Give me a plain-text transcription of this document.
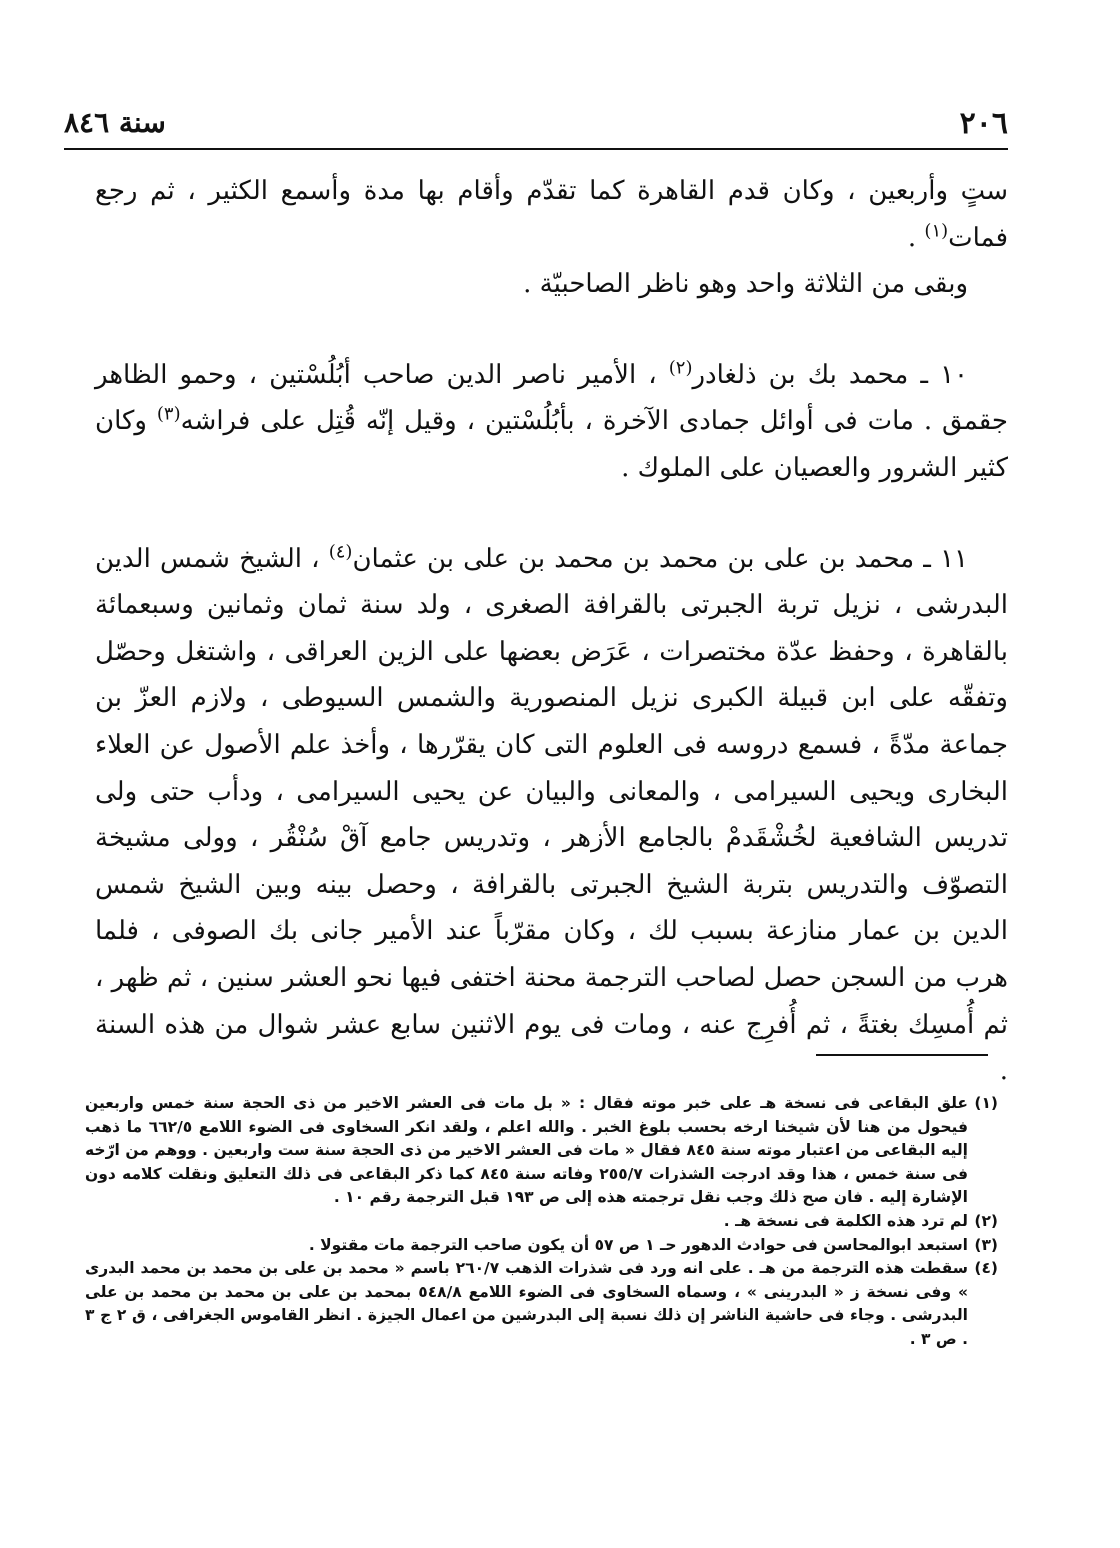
٢٠٦
سنة ٨٤٦

ستٍ وأربعين ، وكان قدم القاهرة كما تقدّم وأقام بها مدة وأسمع الكثير ، ثم رجع فمات$^{(١)}$ .

وبقى من الثلاثة واحد وهو ناظر الصاحبيّة .

١٠ ـ محمد بك بن ذلغادر$^{(٢)}$ ، الأمير ناصر الدين صاحب أبُلُسْتين ، وحمو الظاهر جقمق . مات فى أوائل جمادى الآخرة ، بأبُلُسْتين ، وقيل إنّه قُتِل على فراشه$^{(٣)}$ وكان كثير الشرور والعصيان على الملوك .

١١ ـ محمد بن على بن محمد بن محمد بن على بن عثمان$^{(٤)}$ ، الشيخ شمس الدين البدرشى ، نزيل تربة الجبرتى بالقرافة الصغرى ، ولد سنة ثمان وثمانين وسبعمائة بالقاهرة ، وحفظ عدّة مختصرات ، عَرَض بعضها على الزين العراقى ، واشتغل وحصّل وتفقّه على ابن قبيلة الكبرى نزيل المنصورية والشمس السيوطى ، ولازم العزّ بن جماعة مدّةً ، فسمع دروسه فى العلوم التى كان يقرّرها ، وأخذ علم الأصول عن العلاء البخارى ويحيى السيرامى ، والمعانى والبيان عن يحيى السيرامى ، ودأب حتى ولى تدريس الشافعية لخُشْقَدمْ بالجامع الأزهر ، وتدريس جامع آقْ سُنْقُر ، وولى مشيخة التصوّف والتدريس بتربة الشيخ الجبرتى بالقرافة ، وحصل بينه وبين الشيخ شمس الدين بن عمار منازعة بسبب لك ، وكان مقرّباً عند الأمير جانى بك الصوفى ، فلما هرب من السجن حصل لصاحب الترجمة محنة اختفى فيها نحو العشر سنين ، ثم ظهر ، ثم أُمسِك بغتةً ، ثم أُفرِج عنه ، ومات فى يوم الاثنين سابع عشر شوال من هذه السنة .

(١)
علق البقاعى فى نسخة هـ على خبر موته فقال : « بل مات فى العشر الاخير من ذى الحجة سنة خمس واربعين فيحول من هنا لأن شيخنا ارخه بحسب بلوغ الخبر . والله اعلم ، ولقد انكر السخاوى فى الضوء اللامع ٦٦٢/٥ ما ذهب إليه البقاعى من اعتبار موته سنة ٨٤٥ فقال « مات فى العشر الاخير من ذى الحجة سنة ست واربعين . ووهم من ارّخه فى سنة خمس ، هذا وقد ادرجت الشذرات ٢٥٥/٧ وفاته سنة ٨٤٥ كما ذكر البقاعى فى ذلك التعليق ونقلت كلامه دون الإشارة إليه . فان صح ذلك وجب نقل ترجمته هذه إلى ص ١٩٣ قبل الترجمة رقم ١٠ .

(٢)
لم ترد هذه الكلمة فى نسخة هـ .

(٣)
استبعد ابوالمحاسن فى حوادث الدهور حـ ١ ص ٥٧ أن يكون صاحب الترجمة مات مقتولا .

(٤)
سقطت هذه الترجمة من هـ . على انه ورد فى شذرات الذهب ٢٦٠/٧ باسم « محمد بن على بن محمد بن محمد البدرى » وفى نسخة ز « البدرينى » ، وسماه السخاوى فى الضوء اللامع ٥٤٨/٨ بمحمد بن على بن محمد بن محمد بن على البدرشى . وجاء فى حاشية الناشر إن ذلك نسبة إلى البدرشين من اعمال الجيزة . انظر القاموس الجغرافى ، ق ٢ ج ٣ . ص ٣ .
